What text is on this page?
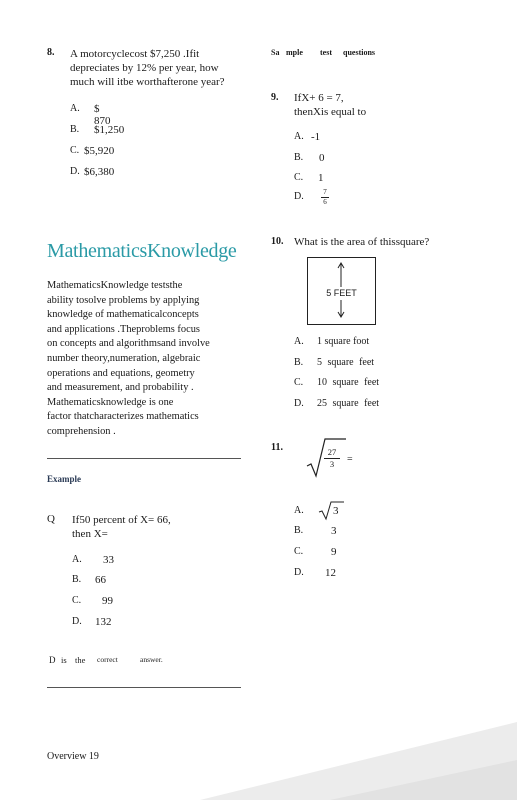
8. A motorcyclecost $7,250 .Ifit
depreciates by 12% per year, how
much will itbe worthafterone year?
A. $ 870
B. $1,250
C. $5,920
D. $6,380
MathematicsKnowledge
MathematicsKnowledge teststhe
ability tosolve problems by applying
knowledge of mathematicalconcepts
and applications .Theproblems focus
on concepts and algorithmsand involve
number theory,numeration, algebraic
operations and equations, geometry
and measurement, and probability .
Mathematicsknowledge is one
factor thatcharacterizes mathematics
comprehension .
Example
Q If50 percent of X= 66,
then X=
A. 33
B. 66
C. 99
D. 132
D is the correct	answer.
Overview 19
Sa mple test questions
9. IfX+ 6 = 7,
thenXis equal to
A. -1
B. 0
C. 1
D.	7
6
10. What is the area of thissquare?
5 FEET
A. 1 square foot
B. 5 square feet
C. 10 square feet
D. 25 square feet
11.	27
3 =
A.	3
B.	3
C.	9
D. 12
